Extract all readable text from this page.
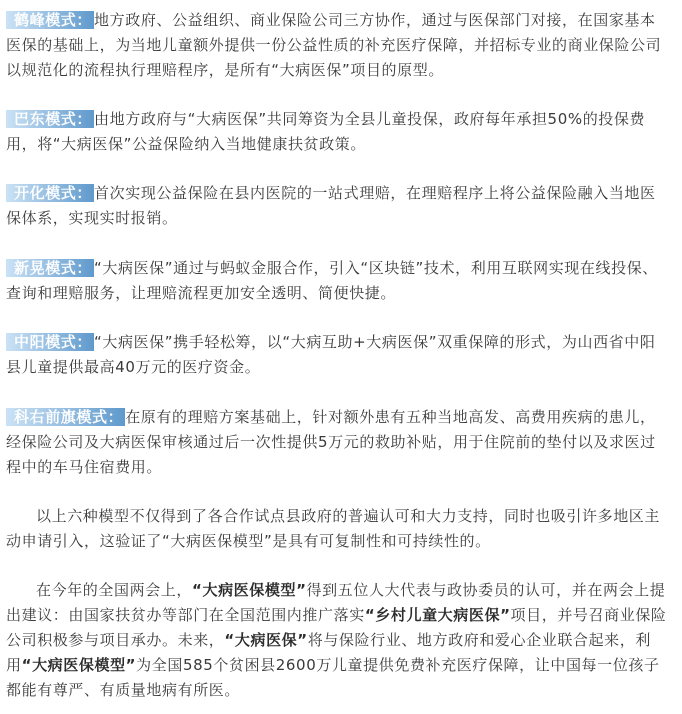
鹤峰模式： 地方政府、公益组织、商业保险公司三方协作，通过与医保部门对接，在国家基本医保的基础上，为当地儿童额外提供一份公益性质的补充医疗保障，并招标专业的商业保险公司以规范化的流程执行理赔程序，是所有“大病医保”项目的原型。

巴东模式： 由地方政府与“大病医保”共同筹资为全县儿童投保，政府每年承担50%的投保费用，将“大病医保”公益保险纳入当地健康扶贫政策。

开化模式： 首次实现公益保险在县内医院的一站式理赔，在理赔程序上将公益保险融入当地医保体系，实现实时报销。

新晃模式： “大病医保”通过与蚂蚁金服合作，引入“区块链”技术，利用互联网实现在线投保、查询和理赔服务，让理赔流程更加安全透明、简便快捷。

中阳模式： “大病医保”携手轻松筹，以“大病互助+大病医保”双重保障的形式，为山西省中阳县儿童提供最高40万元的医疗资金。

科右前旗模式： 在原有的理赔方案基础上，针对额外患有五种当地高发、高费用疾病的患儿，经保险公司及大病医保审核通过后一次性提供5万元的救助补贴，用于住院前的垫付以及求医过程中的车马住宿费用。

以上六种模型不仅得到了各合作试点县政府的普遍认可和大力支持，同时也吸引许多地区主动申请引入，这验证了“大病医保模型”是具有可复制性和可持续性的。

在今年的全国两会上，“大病医保模型”得到五位人大代表与政协委员的认可，并在两会上提出建议：由国家扶贫办等部门在全国范围内推广落实“乡村儿童大病医保”项目，并号召商业保险公司积极参与项目承办。未来，“大病医保”将与保险行业、地方政府和爱心企业联合起来，利用“大病医保模型”为全国585个贫困县2600万儿童提供免费补充医疗保障，让中国每一位孩子都能有尊严、有质量地病有所医。
